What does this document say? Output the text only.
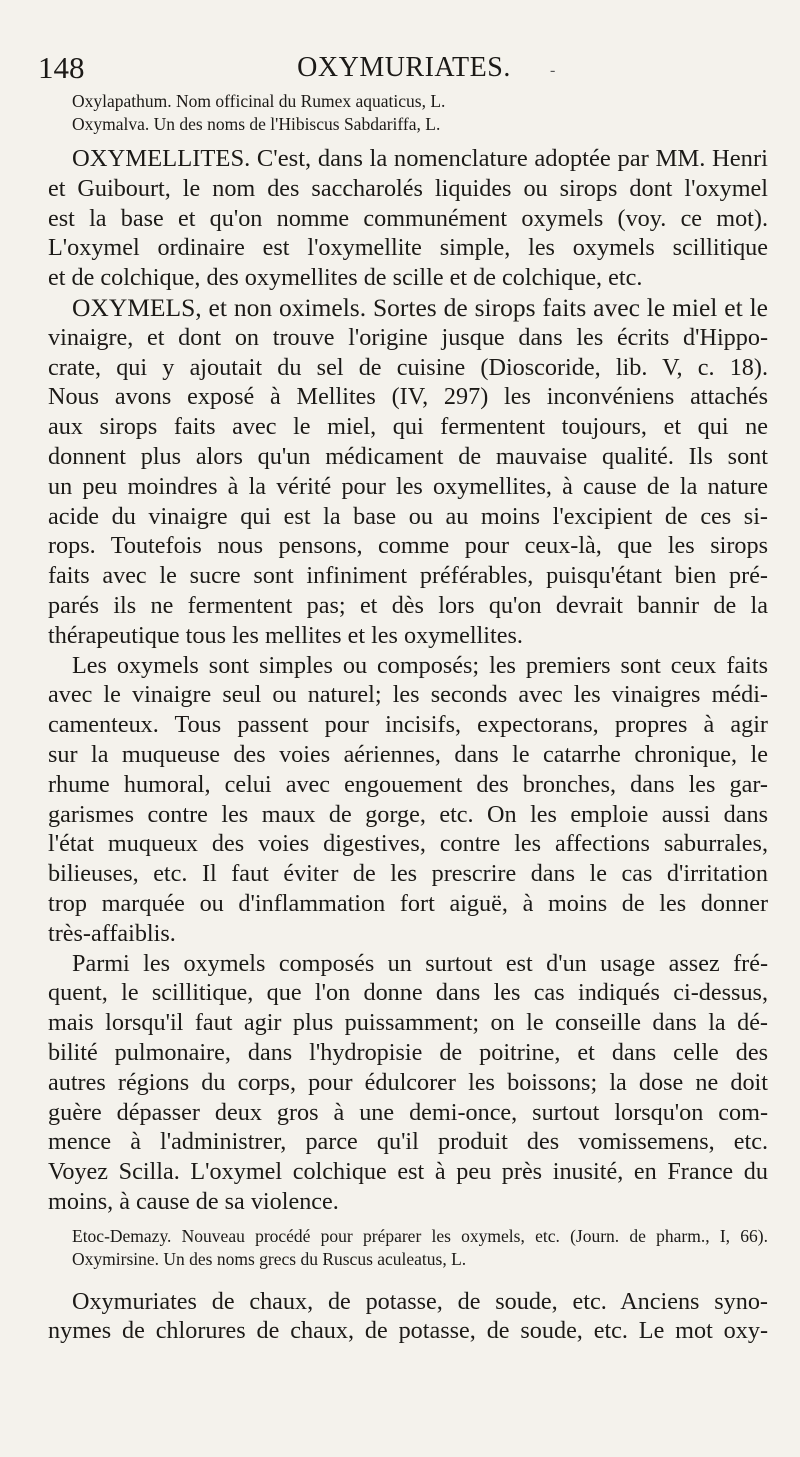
148	OXYMURIATES.	-
Oxylapathum. Nom officinal du Rumex aquaticus, L.
Oxymalva. Un des noms de l'Hibiscus Sabdariffa, L.
OXYMELLITES. C'est, dans la nomenclature adoptée par MM. Henri
et Guibourt, le nom des saccharolés liquides ou sirops dont l'oxymel
est la base et qu'on nomme communément oxymels (voy. ce mot).
L'oxymel ordinaire est l'oxymellite simple, les oxymels scillitique
et de colchique, des oxymellites de scille et de colchique, etc.
OXYMELS, et non oximels. Sortes de sirops faits avec le miel et le
vinaigre, et dont on trouve l'origine jusque dans les écrits d'Hippo-
crate, qui y ajoutait du sel de cuisine (Dioscoride, lib. V, c. 18).
Nous avons exposé à Mellites (IV, 297) les inconvéniens attachés
aux sirops faits avec le miel, qui fermentent toujours, et qui ne
donnent plus alors qu'un médicament de mauvaise qualité. Ils sont
un peu moindres à la vérité pour les oxymellites, à cause de la nature
acide du vinaigre qui est la base ou au moins l'excipient de ces si-
rops. Toutefois nous pensons, comme pour ceux-là, que les sirops
faits avec le sucre sont infiniment préférables, puisqu'étant bien pré-
parés ils ne fermentent pas; et dès lors qu'on devrait bannir de la
thérapeutique tous les mellites et les oxymellites.
Les oxymels sont simples ou composés; les premiers sont ceux faits
avec le vinaigre seul ou naturel; les seconds avec les vinaigres médi-
camenteux. Tous passent pour incisifs, expectorans, propres à agir
sur la muqueuse des voies aériennes, dans le catarrhe chronique, le
rhume humoral, celui avec engouement des bronches, dans les gar-
garismes contre les maux de gorge, etc. On les emploie aussi dans
l'état muqueux des voies digestives, contre les affections saburrales,
bilieuses, etc. Il faut éviter de les prescrire dans le cas d'irritation
trop marquée ou d'inflammation fort aiguë, à moins de les donner
très-affaiblis.
Parmi les oxymels composés un surtout est d'un usage assez fré-
quent, le scillitique, que l'on donne dans les cas indiqués ci-dessus,
mais lorsqu'il faut agir plus puissamment; on le conseille dans la dé-
bilité pulmonaire, dans l'hydropisie de poitrine, et dans celle des
autres régions du corps, pour édulcorer les boissons; la dose ne doit
guère dépasser deux gros à une demi-once, surtout lorsqu'on com-
mence à l'administrer, parce qu'il produit des vomissemens, etc.
Voyez Scilla. L'oxymel colchique est à peu près inusité, en France du
moins, à cause de sa violence.
Etoc-Demazy. Nouveau procédé pour préparer les oxymels, etc. (Journ. de pharm., I, 66).
Oxymirsine. Un des noms grecs du Ruscus aculeatus, L.
Oxymuriates de chaux, de potasse, de soude, etc. Anciens syno-
nymes de chlorures de chaux, de potasse, de soude, etc. Le mot oxy-
